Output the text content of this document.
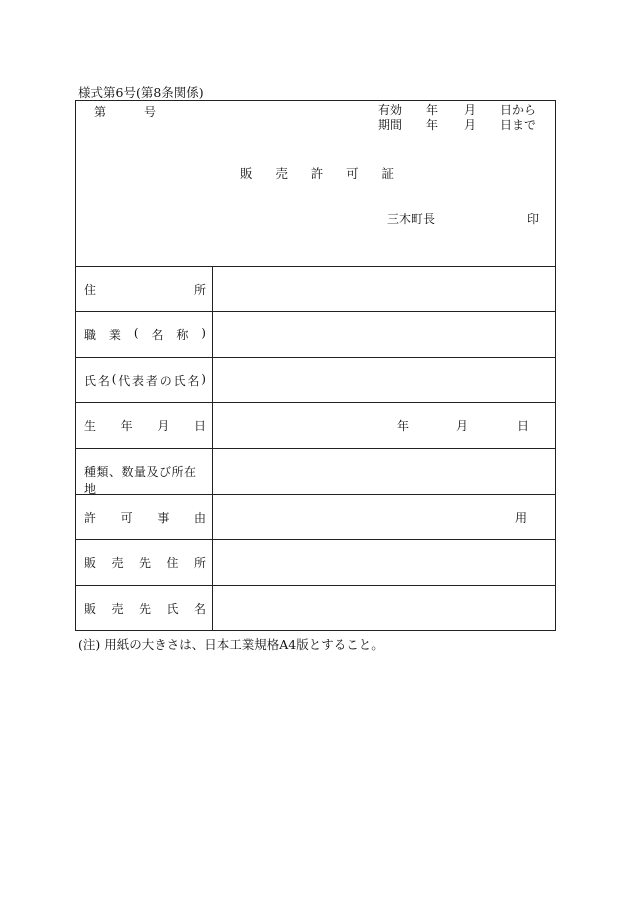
様式第6号(第8条関係)
第	号	有効	年	月	日から
期間	年	月	日まで
販 売 許 可 証
三木町長	印
住	所
職 業 ( 名 称 )
氏 名 ( 代 表 者 の 氏 名 )
生 年 月 日	年	月	日
種類、数量及び所在地
許 可 事 由	用
販 売 先 住 所
販 売 先 氏 名
(注) 用紙の大きさは、日本工業規格A4版とすること。
